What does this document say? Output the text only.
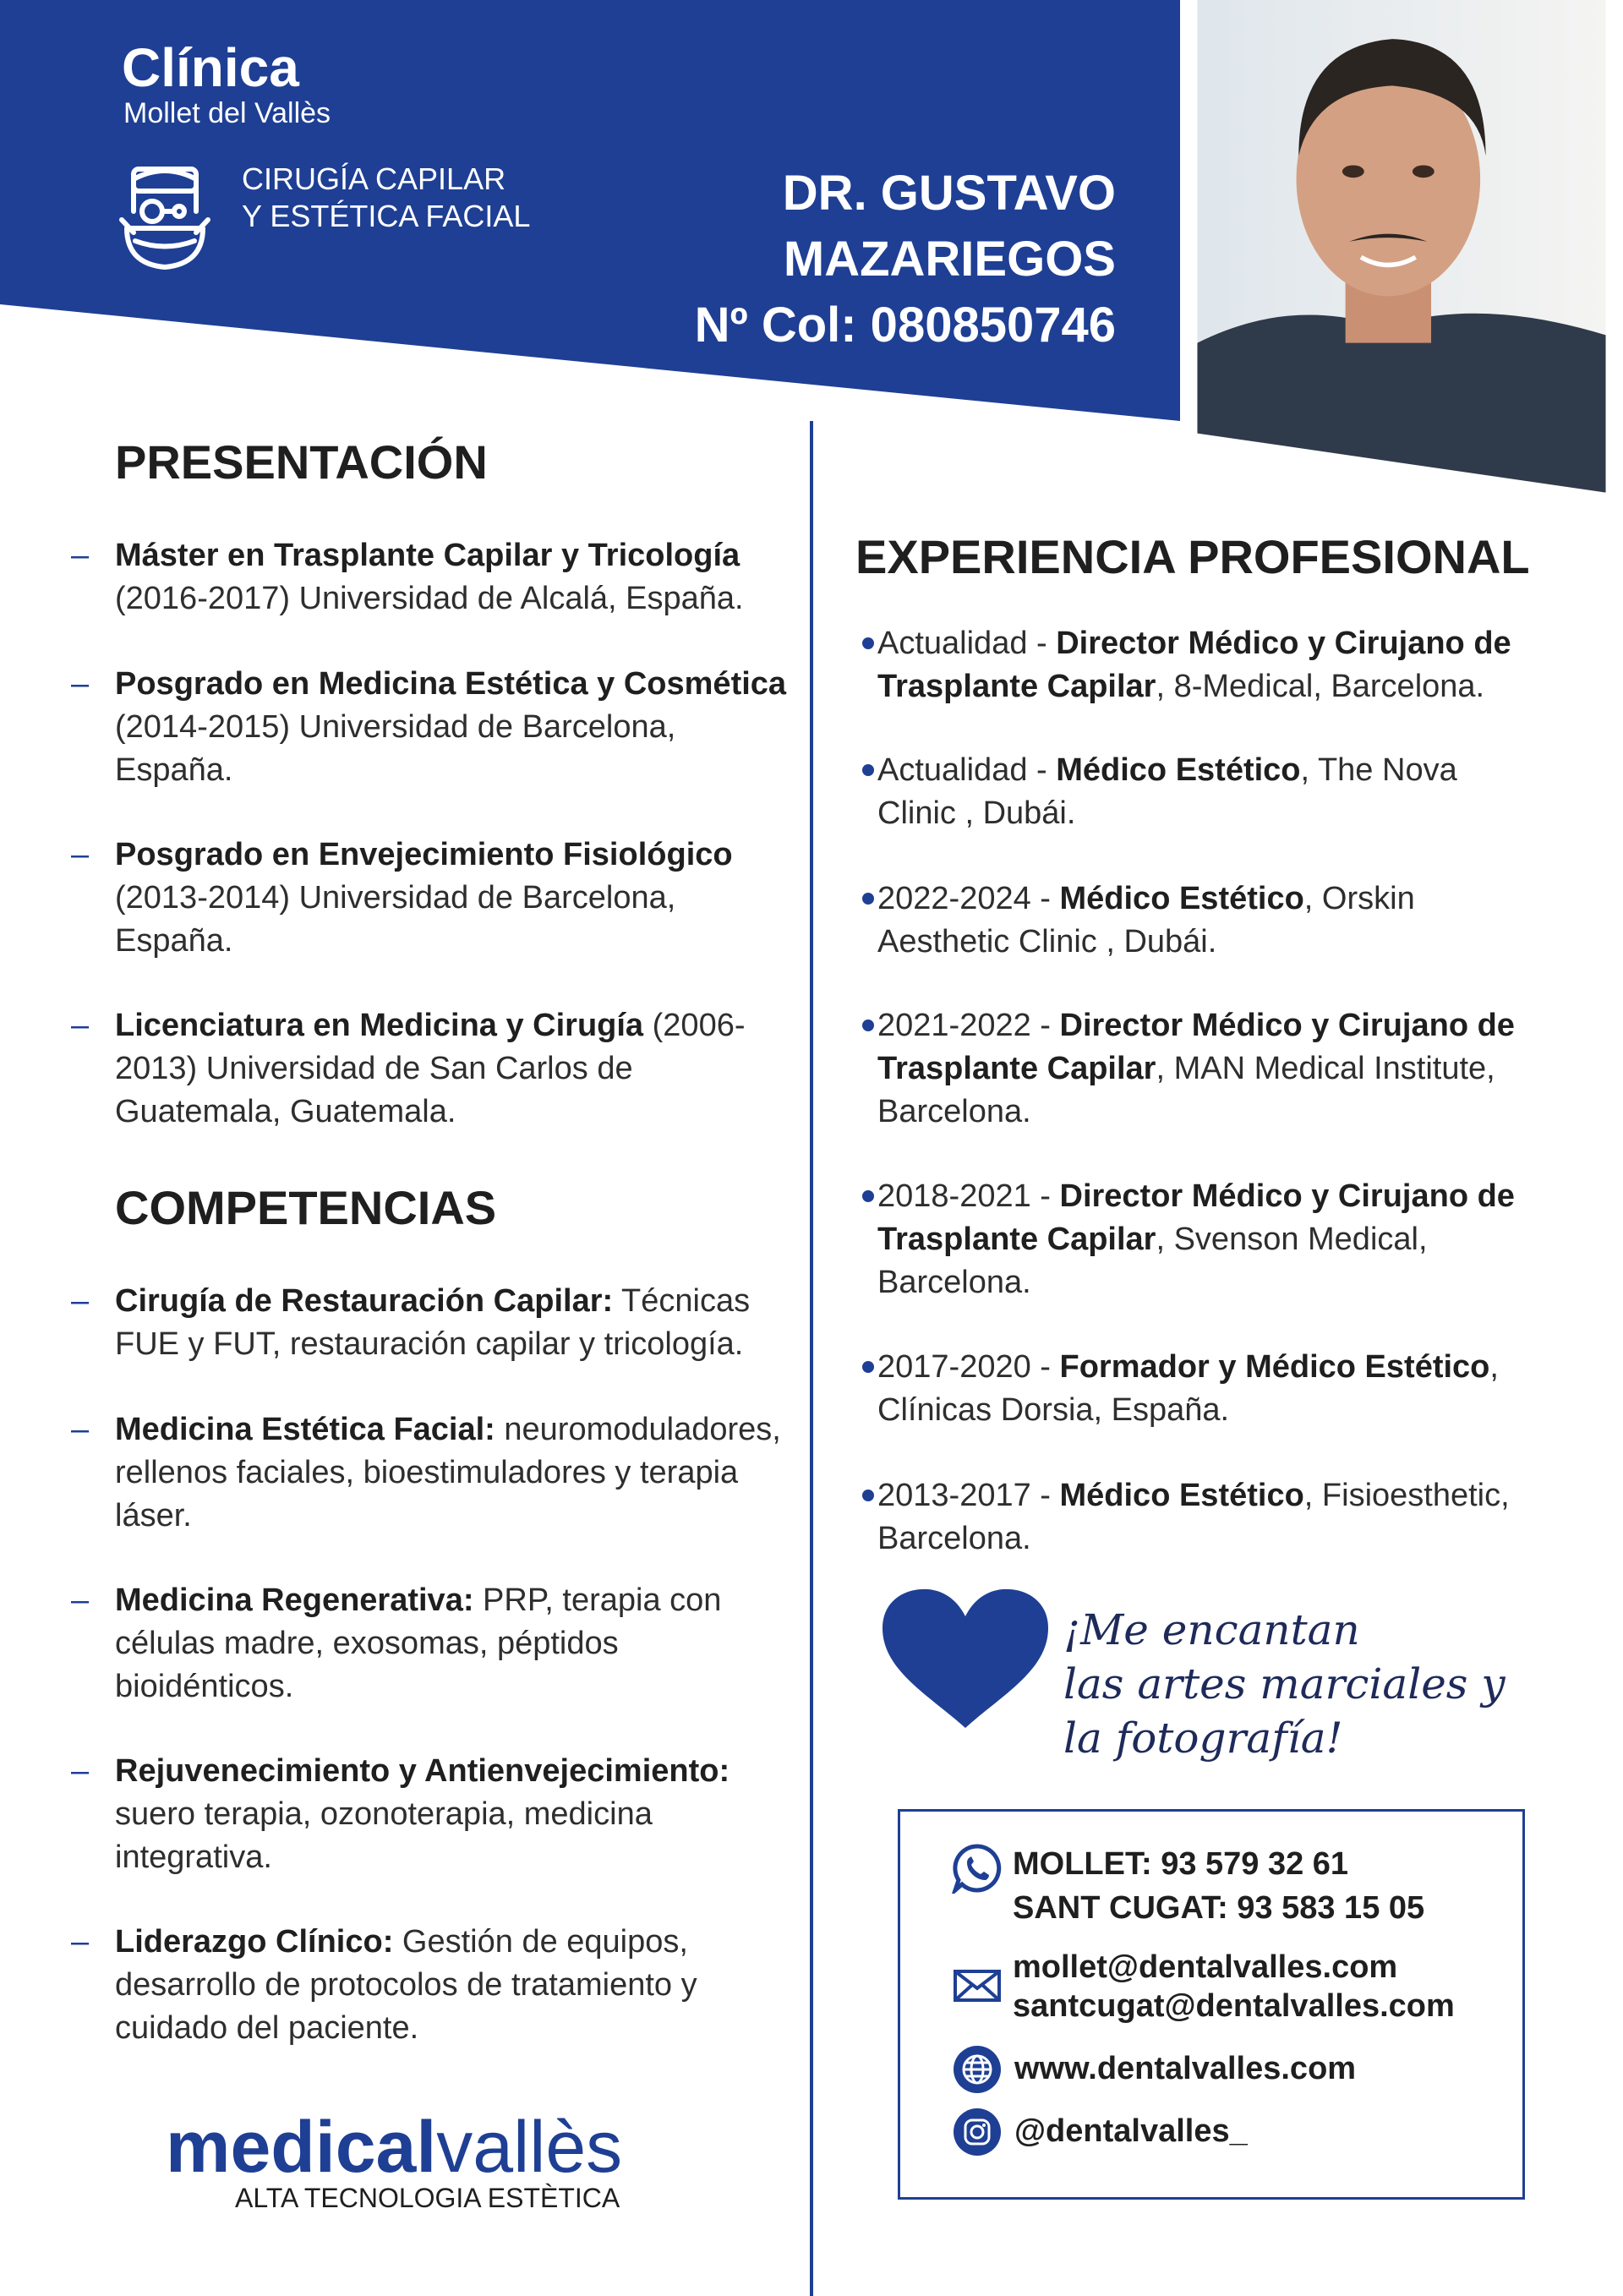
Clínica
Mollet del Vallès
CIRUGÍA CAPILAR
Y ESTÉTICA FACIAL	DR. GUSTAVO
MAZARIEGOS
Nº Col: 080850746
PRESENTACIÓN
– Máster en Trasplante Capilar y Tricología (2016-2017) Universidad de Alcalá, España.
– Posgrado en Medicina Estética y Cosmética (2014-2015) Universidad de Barcelona, España.
– Posgrado en Envejecimiento Fisiológico (2013-2014) Universidad de Barcelona, España.
– Licenciatura en Medicina y Cirugía (2006-2013) Universidad de San Carlos de Guatemala, Guatemala.
COMPETENCIAS
– Cirugía de Restauración Capilar: Técnicas FUE y FUT, restauración capilar y tricología.
– Medicina Estética Facial: neuromoduladores, rellenos faciales, bioestimuladores y terapia láser.
– Medicina Regenerativa: PRP, terapia con células madre, exosomas, péptidos bioidénticos.
– Rejuvenecimiento y Antienvejecimiento: suero terapia, ozonoterapia, medicina integrativa.
– Liderazgo Clínico: Gestión de equipos, desarrollo de protocolos de tratamiento y cuidado del paciente.
EXPERIENCIA PROFESIONAL
Actualidad - Director Médico y Cirujano de Trasplante Capilar, 8-Medical, Barcelona.
Actualidad - Médico Estético, The Nova Clinic , Dubái.
2022-2024 - Médico Estético, Orskin Aesthetic Clinic , Dubái.
2021-2022 - Director Médico y Cirujano de Trasplante Capilar, MAN Medical Institute, Barcelona.
2018-2021 - Director Médico y Cirujano de Trasplante Capilar, Svenson Medical, Barcelona.
2017-2020 - Formador y Médico Estético, Clínicas Dorsia, España.
2013-2017 - Médico Estético, Fisioesthetic, Barcelona.
¡Me encantan
las artes marciales y
la fotografía!
MOLLET: 93 579 32 61
SANT CUGAT: 93 583 15 05
mollet@dentalvalles.com
santcugat@dentalvalles.com
www.dentalvalles.com
@dentalvalles_
medicalvallès
ALTA TECNOLOGIA ESTÈTICA
